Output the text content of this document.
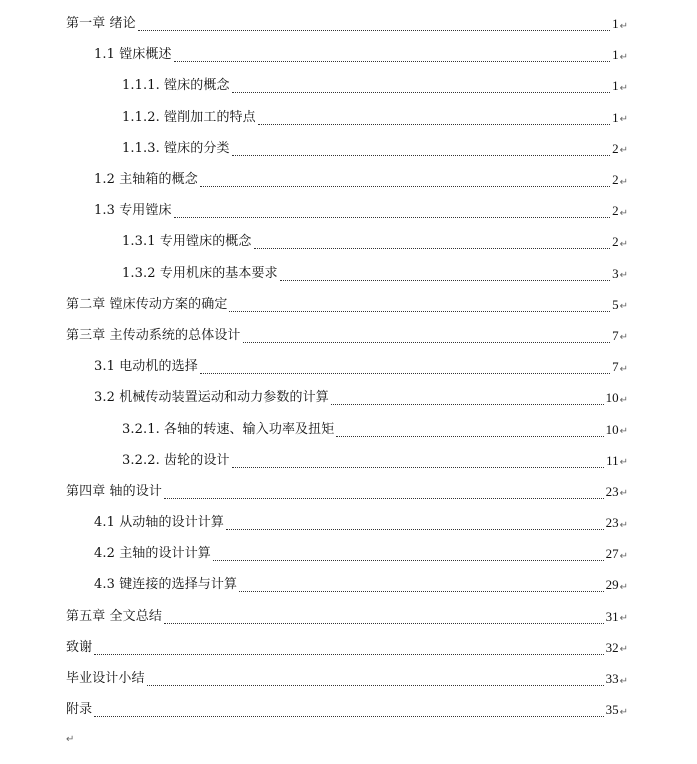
第一章 绪论	1 ↵
1.1 镗床概述	1 ↵
1.1.1. 镗床的概念	1 ↵
1.1.2. 镗削加工的特点	1 ↵
1.1.3. 镗床的分类	2 ↵
1.2 主轴箱的概念	2 ↵
1.3 专用镗床	2 ↵
1.3.1 专用镗床的概念	2 ↵
1.3.2 专用机床的基本要求	3 ↵
第二章 镗床传动方案的确定	5 ↵
第三章 主传动系统的总体设计	7 ↵
3.1 电动机的选择	7 ↵
3.2 机械传动装置运动和动力参数的计算	10 ↵
3.2.1. 各轴的转速、输入功率及扭矩	10 ↵
3.2.2. 齿轮的设计	11 ↵
第四章 轴的设计	23 ↵
4.1 从动轴的设计计算	23 ↵
4.2 主轴的设计计算	27 ↵
4.3 键连接的选择与计算	29 ↵
第五章 全文总结	31 ↵
致谢	32 ↵
毕业设计小结	33 ↵
附录	35 ↵
↵
